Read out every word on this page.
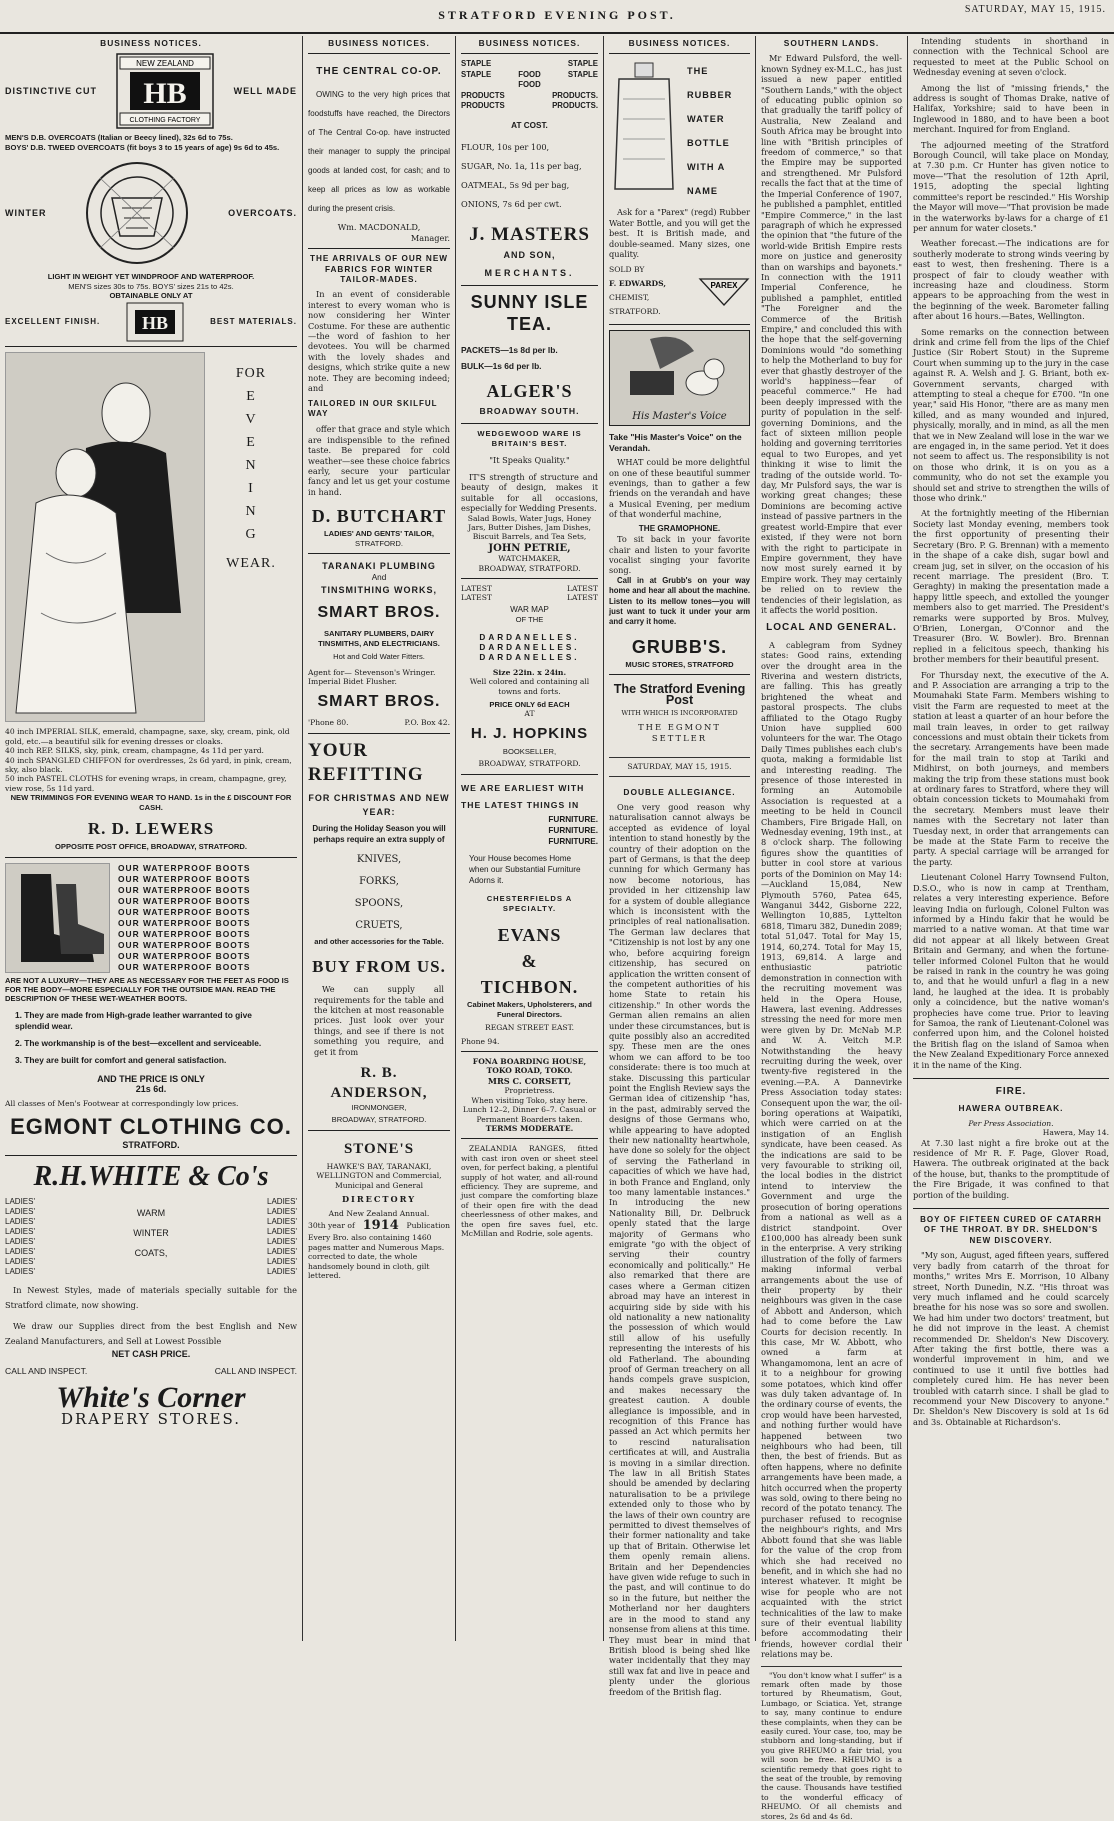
STRATFORD EVENING POST.	SATURDAY, MAY 15, 1915.
BUSINESS NOTICES.
DISTINCTIVE CUT
NEW ZEALAND
HB
CLOTHING FACTORY
WELL MADE
MEN'S D.B. OVERCOATS (Italian or Beecy lined), 32s 6d to 75s.
BOYS' D.B. TWEED OVERCOATS (fit boys 3 to 15 years of age) 9s 6d to 45s.
WINTER	OVERCOATS.
LIGHT IN WEIGHT YET WINDPROOF AND WATERPROOF.
MEN'S sizes 30s to 75s. BOYS' sizes 21s to 42s.
OBTAINABLE ONLY AT
EXCELLENT FINISH. HB	BEST MATERIALS.
FOR
E
V
E
N
I
N
G
WEAR.
40 inch IMPERIAL SILK, emerald, champagne, saxe, sky, cream, pink, old gold, etc.—a beautiful silk for evening dresses or cloaks.
40 inch REP. SILKS, sky, pink, cream, champagne, 4s 11d per yard.
40 inch SPANGLED CHIFFON for overdresses, 2s 6d yard, in pink, cream, sky, also black.
50 inch PASTEL CLOTHS for evening wraps, in cream, champagne, grey, view rose, 5s 11d yard.
NEW TRIMMINGS FOR EVENING WEAR TO HAND. 1s in the £ DISCOUNT FOR CASH.
R. D. LEWERS
OPPOSITE POST OFFICE, BROADWAY, STRATFORD.
OUR WATERPROOF BOOTS
OUR WATERPROOF BOOTS
OUR WATERPROOF BOOTS
OUR WATERPROOF BOOTS
OUR WATERPROOF BOOTS
OUR WATERPROOF BOOTS
OUR WATERPROOF BOOTS
OUR WATERPROOF BOOTS
OUR WATERPROOF BOOTS
OUR WATERPROOF BOOTS
ARE NOT A LUXURY—THEY ARE AS NECESSARY FOR THE FEET AS FOOD IS FOR THE BODY—MORE ESPECIALLY FOR THE OUTSIDE MAN. READ THE DESCRIPTION OF THESE WET-WEATHER BOOTS.
1. They are made from High-grade leather warranted to give splendid wear.
2. The workmanship is of the best—excellent and serviceable.
3. They are built for comfort and general satisfaction.
AND THE PRICE IS ONLY
21s 6d.
All classes of Men's Footwear at correspondingly low prices.
EGMONT CLOTHING CO.
STRATFORD.
R.H.WHITE & Co's
LADIES'
LADIES'
LADIES'
LADIES'
LADIES'
LADIES'
LADIES'
LADIES'
WARM
WINTER
COATS,
LADIES'
LADIES'
LADIES'
LADIES'
LADIES'
LADIES'
LADIES'
LADIES'

In Newest Styles, made of materials specially suitable for the Stratford climate, now showing.

We draw our Supplies direct from the best English and New Zealand Manufacturers, and Sell at Lowest Possible

NET CASH PRICE.
CALL AND INSPECT.	CALL AND INSPECT.
White's Corner
DRAPERY STORES.
BUSINESS NOTICES.
THE CENTRAL CO-OP.

OWING to the very high prices that foodstuffs have reached, the Directors of The Central Co-op. have instructed their manager to supply the principal goods at landed cost, for cash; and to keep all prices as low as workable during the present crisis.

Wm. MACDONALD,
Manager.
THE ARRIVALS OF OUR NEW FABRICS FOR WINTER TAILOR-MADES.

In an event of considerable interest to every woman who is now considering her Winter Costume. For these are authentic—the word of fashion to her devotees. You will be charmed with the lovely shades and designs, which strike quite a new note. They are becoming indeed; and

TAILORED IN OUR SKILFUL WAY

offer that grace and style which are indispensible to the refined taste. Be prepared for cold weather—see these choice fabrics early, secure your particular fancy and let us get your costume in hand.

D. BUTCHART
LADIES' AND GENTS' TAILOR,
STRATFORD.
TARANAKI PLUMBING
And
TINSMITHING WORKS,
SMART BROS.
SANITARY PLUMBERS, DAIRY TINSMITHS, AND ELECTRICIANS.
Hot and Cold Water Fitters.
Agent for— Stevenson's Wringer. Imperial Bidet Flusher.
SMART BROS.
'Phone 80.	P.O. Box 42.
YOUR
REFITTING
FOR CHRISTMAS AND NEW YEAR:

During the Holiday Season you will perhaps require an extra supply of

KNIVES,
FORKS,
SPOONS,
CRUETS,
and other accessories for the Table.
BUY FROM US.

We can supply all requirements for the table and the kitchen at most reasonable prices. Just look over your things, and see if there is not something you require, and get it from

R. B.
ANDERSON,
IRONMONGER,
BROADWAY, STRATFORD.
STONE'S
HAWKE'S BAY, TARANAKI, WELLINGTON and Commercial, Municipal and General
DIRECTORY
And New Zealand Annual.
30th year of 1914 Publication
Every Bro. also containing 1460 pages matter and Numerous Maps. corrected to date, the whole handsomely bound in cloth, gilt lettered.
BUSINESS NOTICES.
STAPLE	STAPLE
STAPLE	FOOD	STAPLE
FOOD
PRODUCTS	PRODUCTS.
PRODUCTS	PRODUCTS.
AT COST.
FLOUR, 10s per 100,
SUGAR, No. 1a, 11s per bag,
OATMEAL, 5s 9d per bag,
ONIONS, 7s 6d per cwt.
J. MASTERS
AND SON,
MERCHANTS.
SUNNY ISLE
TEA.
PACKETS—1s 8d per lb.
BULK—1s 6d per lb.
ALGER'S
BROADWAY SOUTH.
WEDGEWOOD WARE IS BRITAIN'S BEST.
"It Speaks Quality."

IT'S strength of structure and beauty of design, makes it suitable for all occasions, especially for Wedding Presents.

Salad Bowls, Water Jugs, Honey Jars, Butter Dishes, Jam Dishes, Biscuit Barrels, and Tea Sets,

JOHN PETRIE,
WATCHMAKER,
BROADWAY, STRATFORD.
LATEST	LATEST
LATEST	LATEST
WAR MAP
OF THE
DARDANELLES.
DARDANELLES.
DARDANELLES.
Size 22in. x 24in.
Well colored and containing all towns and forts.
PRICE ONLY 6d EACH
AT
H. J. HOPKINS
BOOKSELLER,
BROADWAY, STRATFORD.
WE ARE EARLIEST WITH THE LATEST THINGS IN
FURNITURE.
FURNITURE.
FURNITURE.

Your House becomes Home when our Substantial Furniture Adorns it.

CHESTERFIELDS A SPECIALTY.
EVANS
&
TICHBON.
Cabinet Makers, Upholsterers, and Funeral Directors.
REGAN STREET EAST.
Phone 94.
FONA BOARDING HOUSE, TOKO ROAD, TOKO.
MRS C. CORSETT,
Proprietress.

When visiting Toko, stay here. Lunch 12–2, Dinner 6–7. Casual or Permanent Boarders taken.

TERMS MODERATE.

ZEALANDIA RANGES, fitted with cast iron oven or sheet steel oven, for perfect baking, a plentiful supply of hot water, and all-round efficiency. They are supreme, and just compare the comforting blaze of their open fire with the dead cheerlessness of other makes, and the open fire saves fuel, etc. McMillan and Rodrie, sole agents.

BUSINESS NOTICES.
THE
RUBBER
WATER
BOTTLE
WITH A
NAME

Ask for a "Parex" (regd) Rubber Water Bottle, and you will get the best. It is British made, and double-seamed. Many sizes, one quality.

SOLD BY
F. EDWARDS,
CHEMIST, STRATFORD.
PAREX
His Master's Voice
Take "His Master's Voice" on the Verandah.

WHAT could be more delightful on one of these beautiful summer evenings, than to gather a few friends on the verandah and have a Musical Evening, per medium of that wonderful machine,

THE GRAMOPHONE.

To sit back in your favorite chair and listen to your favorite vocalist singing your favorite song.

Call in at Grubb's on your way home and hear all about the machine. Listen to its mellow tones—you will just want to tuck it under your arm and carry it home.

GRUBB'S.
MUSIC STORES, STRATFORD
The Stratford Evening Post
WITH WHICH IS INCORPORATED
THE EGMONT SETTLER
SATURDAY, MAY 15, 1915.
DOUBLE ALLEGIANCE.

One very good reason why naturalisation cannot always be accepted as evidence of loyal intention to stand honestly by the country of their adoption on the part of Germans, is that the deep cunning for which Germany has now become notorious, has provided in her citizenship law for a system of double allegiance which is inconsistent with the principles of real nationalisation. The German law declares that "Citizenship is not lost by any one who, before acquiring foreign citizenship, has secured on application the written consent of the competent authorities of his home State to retain his citizenship." In other words the German alien remains an alien under these circumstances, but is quite possibly also an accredited spy. These men are the ones whom we can afford to be too considerate: there is too much at stake. Discussing this particular point the English Review says the German idea of citizenship "has, in the past, admirably served the designs of those Germans who, while appearing to have adopted their new nationality heartwhole, have done so solely for the object of serving the Fatherland in capacities of which we have had, in both France and England, only too many lamentable instances." In introducing the new Nationality Bill, Dr. Delbruck openly stated that the large majority of Germans who emigrate "go with the object of serving their country economically and politically." He also remarked that there are cases where a German citizen abroad may have an interest in acquiring side by side with his old nationality a new nationality the possession of which would still allow of his usefully representing the interests of his old Fatherland. The abounding proof of German treachery on all hands compels grave suspicion, and makes necessary the greatest caution. A double allegiance is impossible, and in recognition of this France has passed an Act which permits her to rescind naturalisation certificates at will, and Australia is moving in a similar direction. The law in all British States should be amended by declaring naturalisation to be a privilege extended only to those who by the laws of their own country are permitted to divest themselves of their former nationality and take up that of Britain. Otherwise let them openly remain aliens. Britain and her Dependencies have given wide refuge to such in the past, and will continue to do so in the future, but neither the Motherland nor her daughters are in the mood to stand any nonsense from aliens at this time. They must bear in mind that British blood is being shed like water incidentally that they may still wax fat and live in peace and plenty under the glorious freedom of the British flag.

SOUTHERN LANDS.

Mr Edward Pulsford, the well-known Sydney ex-M.L.C., has just issued a new paper entitled "Southern Lands," with the object of educating public opinion so that gradually the tariff policy of Australia, New Zealand and South Africa may be brought into line with "British principles of freedom of commerce," so that the Empire may be supported and strengthened. Mr Pulsford recalls the fact that at the time of the Imperial Conference of 1907, he published a pamphlet, entitled "Empire Commerce," in the last paragraph of which he expressed the opinion that "the future of the world-wide British Empire rests more on justice and generosity than on warships and bayonets." In connection with the 1911 Imperial Conference, he published a pamphlet, entitled "The Foreigner and the Commerce of the British Empire," and concluded this with the hope that the self-governing Dominions would "do something to help the Motherland to buy for ever that ghastly destroyer of the world's happiness—fear of peaceful commerce." He had been deeply impressed with the purity of population in the self-governing Dominions, and the fact of sixteen million people holding and governing territories equal to two Europes, and yet thinking it wise to limit the trading of the outside world. To-day, Mr Pulsford says, the war is working great changes; these Dominions are becoming active instead of passive partners in the greatest world-Empire that ever existed, if they were not born with the right to participate in Empire government, they have now most surely earned it by Empire work. They may certainly be relied on to review the tendencies of their legislation, as it affects the world position.

LOCAL AND GENERAL.

A cablegram from Sydney states: Good rains, extending over the drought area in the Riverina and western districts, are falling. This has greatly brightened the wheat and pastoral prospects. The clubs affiliated to the Otago Rugby Union have supplied 600 volunteers for the war. The Otago Daily Times publishes each club's quota, making a formidable list and interesting reading. The presence of those interested in forming an Automobile Association is requested at a meeting to be held in Council Chambers, Fire Brigade Hall, on Wednesday evening, 19th inst., at 8 o'clock sharp. The following figures show the quantities of butter in cool store at various ports of the Dominion on May 14:—Auckland 15,084, New Plymouth 5760, Patea 645, Wanganui 3442, Gisborne 222, Wellington 10,885, Lyttelton 6818, Timaru 382, Dunedin 2089; total 51,047. Total for May 15, 1914, 60,274. Total for May 15, 1913, 69,814. A large and enthusiastic patriotic demonstration in connection with the recruiting movement was held in the Opera House, Hawera, last evening. Addresses stressing the need for more men were given by Dr. McNab M.P. and W. A. Veitch M.P. Notwithstanding the heavy recruiting during the week, over twenty-five registered in the evening.—P.A. A Dannevirke Press Association today states: Consequent upon the war, the oil-boring operations at Waipatiki, which were carried on at the instigation of an English syndicate, have been ceased. As the indications are said to be very favourable to striking oil, the local bodies in the district intend to interview the Government and urge the prosecution of boring operations from a national as well as a district standpoint. Over £100,000 has already been sunk in the enterprise. A very striking illustration of the folly of farmers making informal verbal arrangements about the use of their property by their neighbours was given in the case of Abbott and Anderson, which had to come before the Law Courts for decision recently. In this case, Mr W. Abbott, who owned a farm at Whangamomona, lent an acre of it to a neighbour for growing some potatoes, which kind offer was duly taken advantage of. In the ordinary course of events, the crop would have been harvested, and nothing further would have happened between two neighbours who had been, till then, the best of friends. But as often happens, where no definite arrangements have been made, a hitch occurred when the property was sold, owing to there being no record of the potato tenancy. The purchaser refused to recognise the neighbour's rights, and Mrs Abbott found that she was liable for the value of the crop from which she had received no benefit, and in which she had no interest whatever. It might be wise for people who are not acquainted with the strict technicalities of the law to make sure of their eventual liability before accommodating their friends, however cordial their relations may be.

"You don't know what I suffer" is a remark often made by those tortured by Rheumatism, Gout, Lumbago, or Sciatica. Yet, strange to say, many continue to endure these complaints, when they can be easily cured. Your case, too, may be stubborn and long-standing, but if you give RHEUMO a fair trial, you will soon be free. RHEUMO is a scientific remedy that goes right to the seat of the trouble, by removing the cause. Thousands have testified to the wonderful efficacy of RHEUMO. Of all chemists and stores, 2s 6d and 4s 6d.

Intending students in shorthand in connection with the Technical School are requested to meet at the Public School on Wednesday evening at seven o'clock.

Among the list of "missing friends," the address is sought of Thomas Drake, native of Halifax, Yorkshire; said to have been in Inglewood in 1880, and to have been a boot merchant. Inquired for from England.

The adjourned meeting of the Stratford Borough Council, will take place on Monday, at 7.30 p.m. Cr Hunter has given notice to move—"That the resolution of 12th April, 1915, adopting the special lighting committee's report be rescinded." His Worship the Mayor will move—"That provision be made in the waterworks by-laws for a charge of £1 per annum for water closets."

Weather forecast.—The indications are for southerly moderate to strong winds veering by east to west, then freshening. There is a prospect of fair to cloudy weather with increasing haze and cloudiness. Storm appears to be approaching from the west in the beginning of the week. Barometer falling after about 16 hours.—Bates, Wellington.

Some remarks on the connection between drink and crime fell from the lips of the Chief Justice (Sir Robert Stout) in the Supreme Court when summing up to the jury in the case against R. A. Welsh and J. G. Briant, both ex-Government servants, charged with attempting to steal a cheque for £700. "In one year," said His Honor, "there are as many men killed, and as many wounded and injured, physically, morally, and in mind, as all the men that we in New Zealand will lose in the war we are engaged in, in the same period. Yet it does not seem to affect us. The responsibility is not on those who drink, it is on you as a community, who do not set the example you should set and strive to strengthen the wills of those who drink."

At the fortnightly meeting of the Hibernian Society last Monday evening, members took the first opportunity of presenting their Secretary (Bro. P. G. Brennan) with a memento in the shape of a cake dish, sugar bowl and cream jug, set in silver, on the occasion of his recent marriage. The president (Bro. T. Geraghty) in making the presentation made a happy little speech, and extolled the younger members also to get married. The President's remarks were supported by Bros. Mulvey, O'Brien, Lonergan, O'Connor and the Treasurer (Bro. W. Bowler). Bro. Brennan replied in a felicitous speech, thanking his brother members for their beautiful present.

For Thursday next, the executive of the A. and P. Association are arranging a trip to the Moumahaki State Farm. Members wishing to visit the Farm are requested to meet at the station at least a quarter of an hour before the mail train leaves, in order to get railway concessions and must obtain their tickets from the secretary. Arrangements have been made for the mail train to stop at Tariki and Midhirst, on both journeys, and members making the trip from these stations must book at ordinary fares to Stratford, where they will obtain concession tickets to Moumahaki from the secretary. Members must leave their names with the Secretary not later than Tuesday next, in order that arrangements can be made at the State Farm to receive the party. A special carriage will be arranged for the party.

Lieutenant Colonel Harry Townsend Fulton, D.S.O., who is now in camp at Trentham, relates a very interesting experience. Before leaving India on furlough, Colonel Fulton was informed by a Hindu fakir that he would be married to a native woman. At that time war did not appear at all likely between Great Britain and Germany, and when the fortune-teller informed Colonel Fulton that he would be raised in rank in the country he was going to, and that he would unfurl a flag in a new land, he laughed at the idea. It is probably only a coincidence, but the native woman's prophecies have come true. Prior to leaving for Samoa, the rank of Lieutenant-Colonel was conferred upon him, and the Colonel hoisted the British flag on the island of Samoa when the New Zealand Expeditionary Force annexed it in the name of the King.

FIRE.
HAWERA OUTBREAK.
Per Press Association.
Hawera, May 14.

At 7.30 last night a fire broke out at the residence of Mr R. F. Page, Glover Road, Hawera. The outbreak originated at the back of the house, but, thanks to the promptitude of the Fire Brigade, it was confined to that portion of the building.

BOY OF FIFTEEN CURED OF CATARRH OF THE THROAT. BY DR. SHELDON'S NEW DISCOVERY.

"My son, August, aged fifteen years, suffered very badly from catarrh of the throat for months," writes Mrs E. Morrison, 10 Albany street, North Dunedin, N.Z. "His throat was very much inflamed and he could scarcely breathe for his nose was so sore and swollen. We had him under two doctors' treatment, but he did not improve in the least. A chemist recommended Dr. Sheldon's New Discovery. After taking the first bottle, there was a wonderful improvement in him, and we continued to use it until five bottles had completely cured him. He has never been troubled with catarrh since. I shall be glad to recommend your New Discovery to anyone." Dr. Sheldon's New Discovery is sold at 1s 6d and 3s. Obtainable at Richardson's.
